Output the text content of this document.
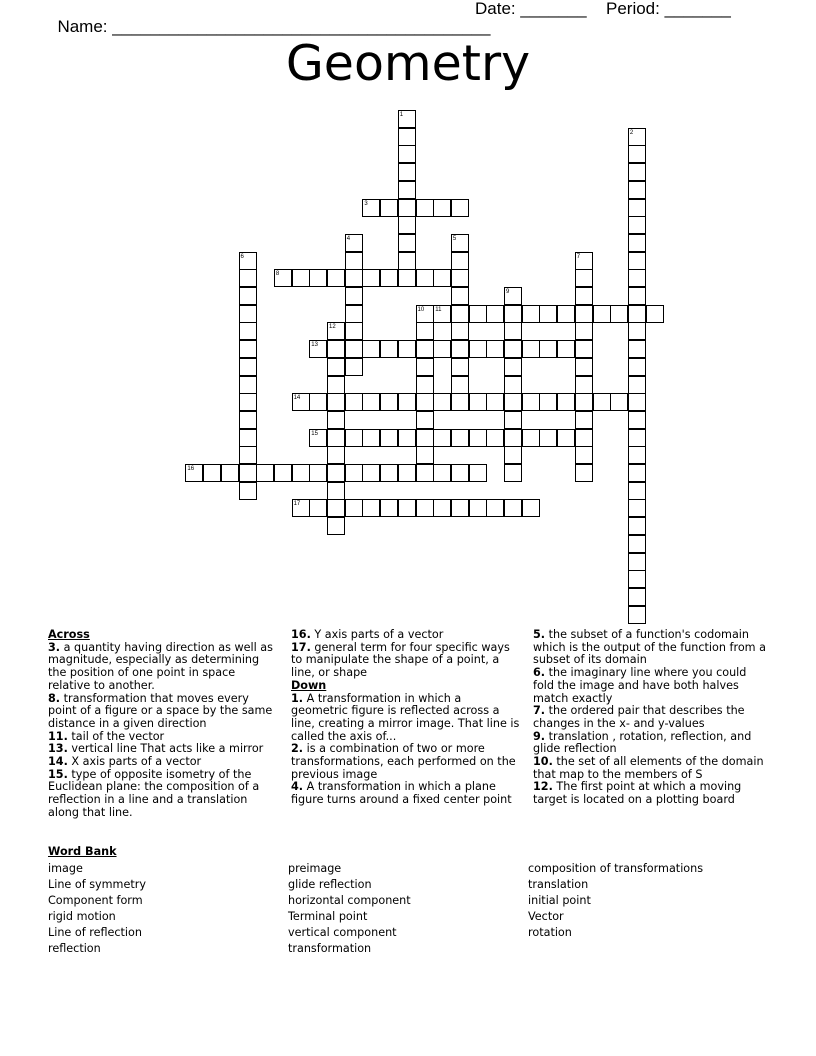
Name: ________________________________________

Date: _______

Period: _______

Geometry
1
2
3
4	5
6	7
8
9
10 11
12
13
14
15
16
17
Across
3. a quantity having direction as well as magnitude, especially as determining the position of one point in space relative to another.
8. transformation that moves every point of a figure or a space by the same distance in a given direction
11. tail of the vector
13. vertical line That acts like a mirror
14. X axis parts of a vector
15. type of opposite isometry of the Euclidean plane: the composition of a reflection in a line and a translation along that line.
16. Y axis parts of a vector
17. general term for four specific ways to manipulate the shape of a point, a line, or shape
Down
1. A transformation in which a geometric figure is reflected across a line, creating a mirror image. That line is called the axis of...
2. is a combination of two or more transformations, each performed on the previous image
4. A transformation in which a plane figure turns around a fixed center point
5. the subset of a function's codomain which is the output of the function from a subset of its domain
6. the imaginary line where you could fold the image and have both halves match exactly
7. the ordered pair that describes the changes in the x- and y-values
9. translation , rotation, reflection, and glide reflection
10. the set of all elements of the domain that map to the members of S
12. The first point at which a moving target is located on a plotting board
Word Bank
image
Line of symmetry
Component form
rigid motion
Line of reflection
reflection
preimage
glide reflection
horizontal component
Terminal point
vertical component
transformation
composition of transformations
translation
initial point
Vector
rotation
